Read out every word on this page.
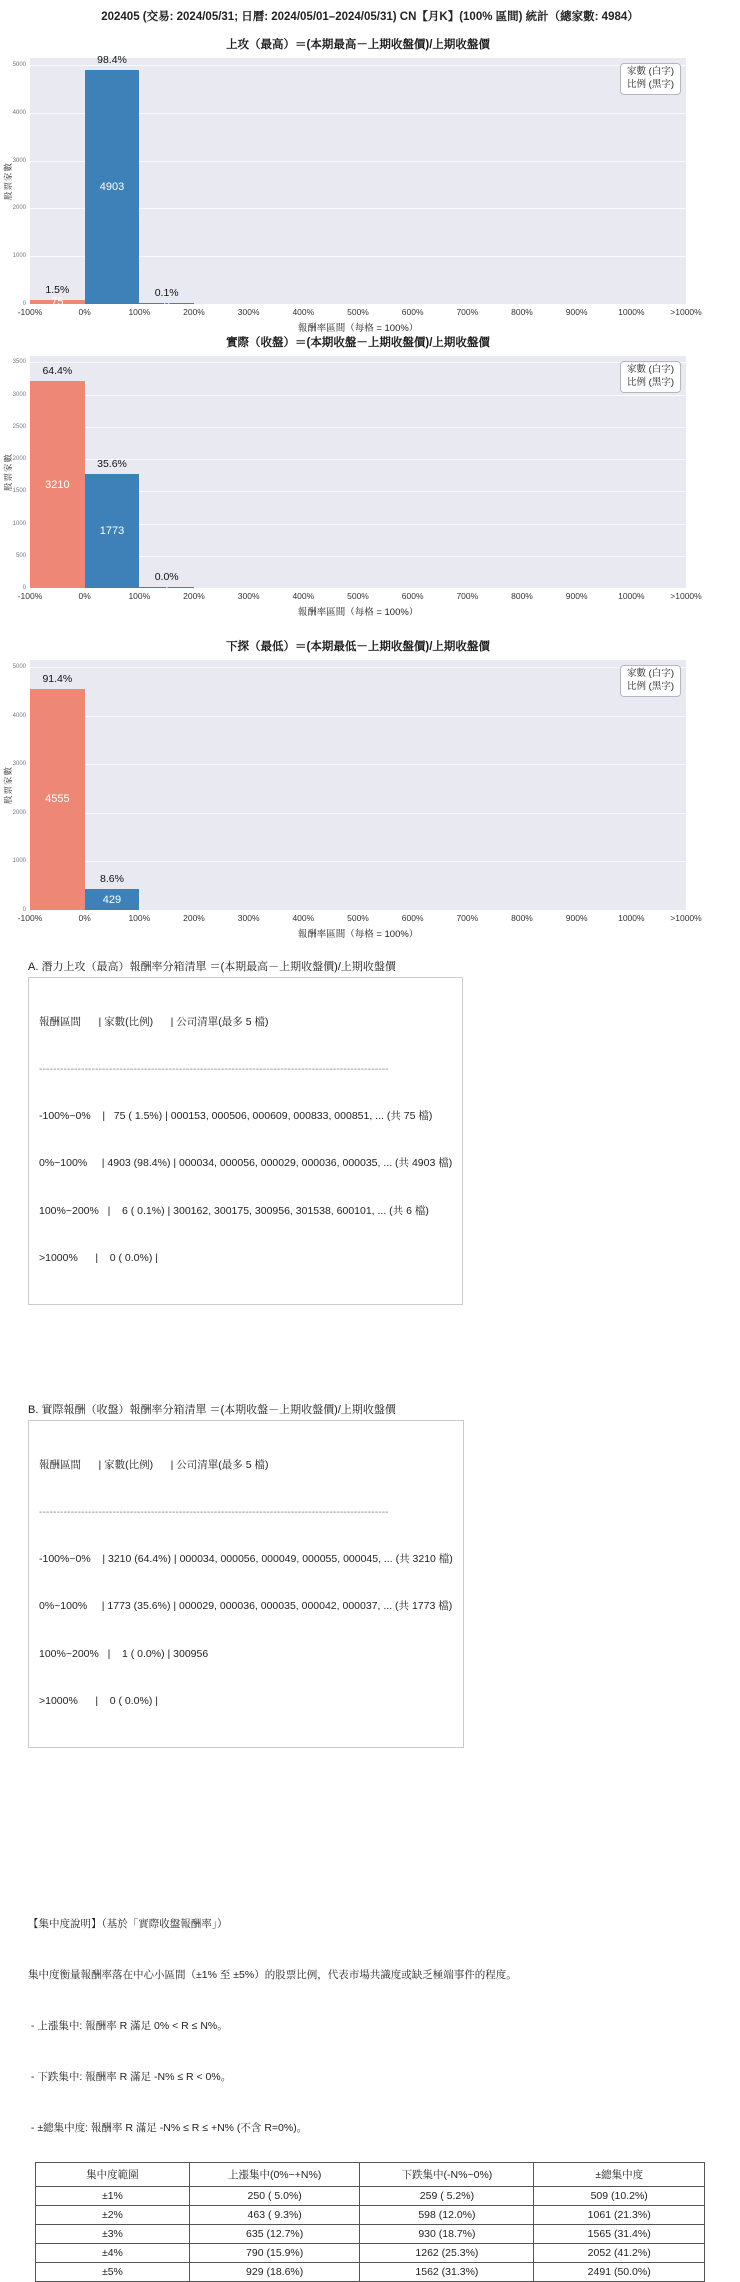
202405 (交易: 2024/05/31; 日曆: 2024/05/01–2024/05/31) CN【月K】(100% 區間) 統計（總家數: 4984）
上攻（最高）＝(本期最高－上期收盤價)/上期收盤價
股票家數
家數 (白字)
比例 (黑字)
0
1000
2000
3000
4000
5000
-100%	0%	100%	200%	300%	400%	500%	600%	700%	800%	900%	1000%	>1000%
75
1.5%
4903
98.4%
0.1%
報酬率區間（每格 = 100%）
實際（收盤）＝(本期收盤－上期收盤價)/上期收盤價
股票家數
家數 (白字)
比例 (黑字)
0
500
1000
1500
2000
2500
3000
3500
-100%	0%	100%	200%	300%	400%	500%	600%	700%	800%	900%	1000%	>1000%
3210
64.4%
1773
35.6%
0.0%
報酬率區間（每格 = 100%）
下探（最低）＝(本期最低－上期收盤價)/上期收盤價
股票家數
家數 (白字)
比例 (黑字)
0
1000
2000
3000
4000
5000
-100%	0%	100%	200%	300%	400%	500%	600%	700%	800%	900%	1000%	>1000%
4555
91.4%
429
8.6%
報酬率區間（每格 = 100%）
A. 潛力上攻（最高）報酬率分箱清單 ＝(本期最高－上期收盤價)/上期收盤價

報酬區間      | 家數(比例)      | 公司清單(最多 5 檔)

----------------------------------------------------------------------------------------------------

-100%~0%    |   75 ( 1.5%) | 000153, 000506, 000609, 000833, 000851, ... (共 75 檔)

0%~100%     | 4903 (98.4%) | 000034, 000056, 000029, 000036, 000035, ... (共 4903 檔)

100%~200%   |    6 ( 0.1%) | 300162, 300175, 300956, 301538, 600101, ... (共 6 檔)

>1000%      |    0 ( 0.0%) |

B. 實際報酬（收盤）報酬率分箱清單 ＝(本期收盤－上期收盤價)/上期收盤價

報酬區間      | 家數(比例)      | 公司清單(最多 5 檔)

----------------------------------------------------------------------------------------------------

-100%~0%    | 3210 (64.4%) | 000034, 000056, 000049, 000055, 000045, ... (共 3210 檔)

0%~100%     | 1773 (35.6%) | 000029, 000036, 000035, 000042, 000037, ... (共 1773 檔)

100%~200%   |    1 ( 0.0%) | 300956

>1000%      |    0 ( 0.0%) |

【集中度說明】（基於「實際收盤報酬率」）

集中度衡量報酬率落在中心小區間（±1% 至 ±5%）的股票比例，代表市場共識度或缺乏極端事件的程度。

- 上漲集中: 報酬率 R 滿足 0% < R ≤ N%。

- 下跌集中: 報酬率 R 滿足 -N% ≤ R < 0%。

- ±總集中度: 報酬率 R 滿足 -N% ≤ R ≤ +N% (不含 R=0%)。

集中度範圍	上漲集中(0%~+N%)	下跌集中(-N%~0%)	±總集中度
±1%	250 ( 5.0%)	259 ( 5.2%)	509 (10.2%)
±2%	463 ( 9.3%)	598 (12.0%)	1061 (21.3%)
±3%	635 (12.7%)	930 (18.7%)	1565 (31.4%)
±4%	790 (15.9%)	1262 (25.3%)	2052 (41.2%)
±5%	929 (18.6%)	1562 (31.3%)	2491 (50.0%)
